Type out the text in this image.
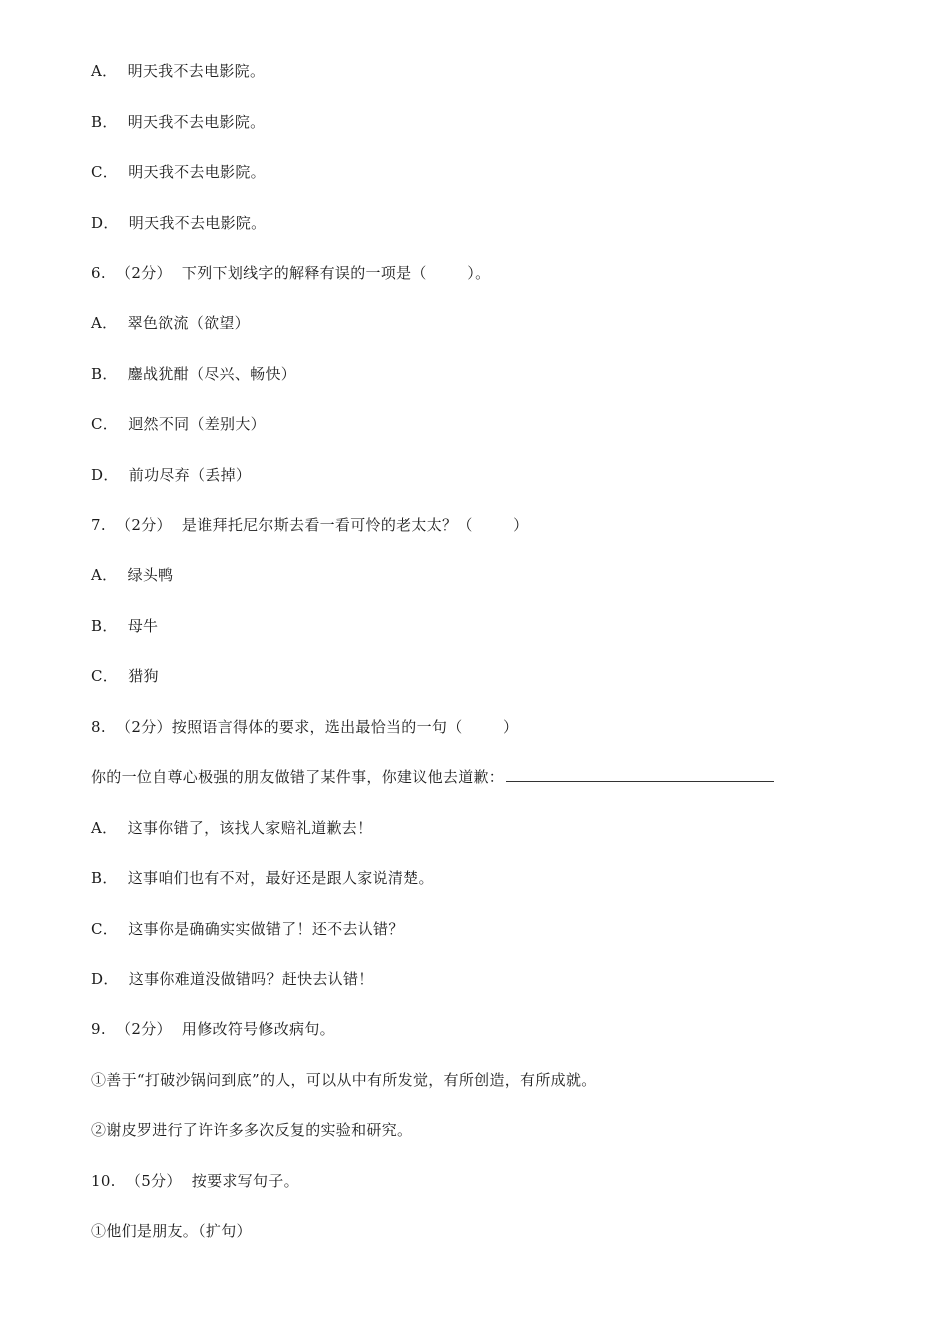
A．  明天我不去电影院。
B．  明天我不去电影院。
C．  明天我不去电影院。
D．  明天我不去电影院。
6.  （2分）  下列下划线字的解释有误的一项是（        ）。
A．  翠色欲流（欲望）
B．  鏖战犹酣（尽兴、畅快）
C．  迥然不同（差别大）
D．  前功尽弃（丢掉）
7.  （2分）  是谁拜托尼尔斯去看一看可怜的老太太？（        ）
A．  绿头鸭
B．  母牛
C．  猎狗
8.  （2分）按照语言得体的要求，选出最恰当的一句（        ）
你的一位自尊心极强的朋友做错了某件事，你建议他去道歉：
A．  这事你错了，该找人家赔礼道歉去！
B．  这事咱们也有不对，最好还是跟人家说清楚。
C．  这事你是确确实实做错了！还不去认错？
D．  这事你难道没做错吗？赶快去认错！
9.  （2分）  用修改符号修改病句。
①善于“打破沙锅问到底”的人，可以从中有所发觉，有所创造，有所成就。
②谢皮罗进行了许许多多次反复的实验和研究。
10.  （5分）  按要求写句子。
①他们是朋友。（扩句）
